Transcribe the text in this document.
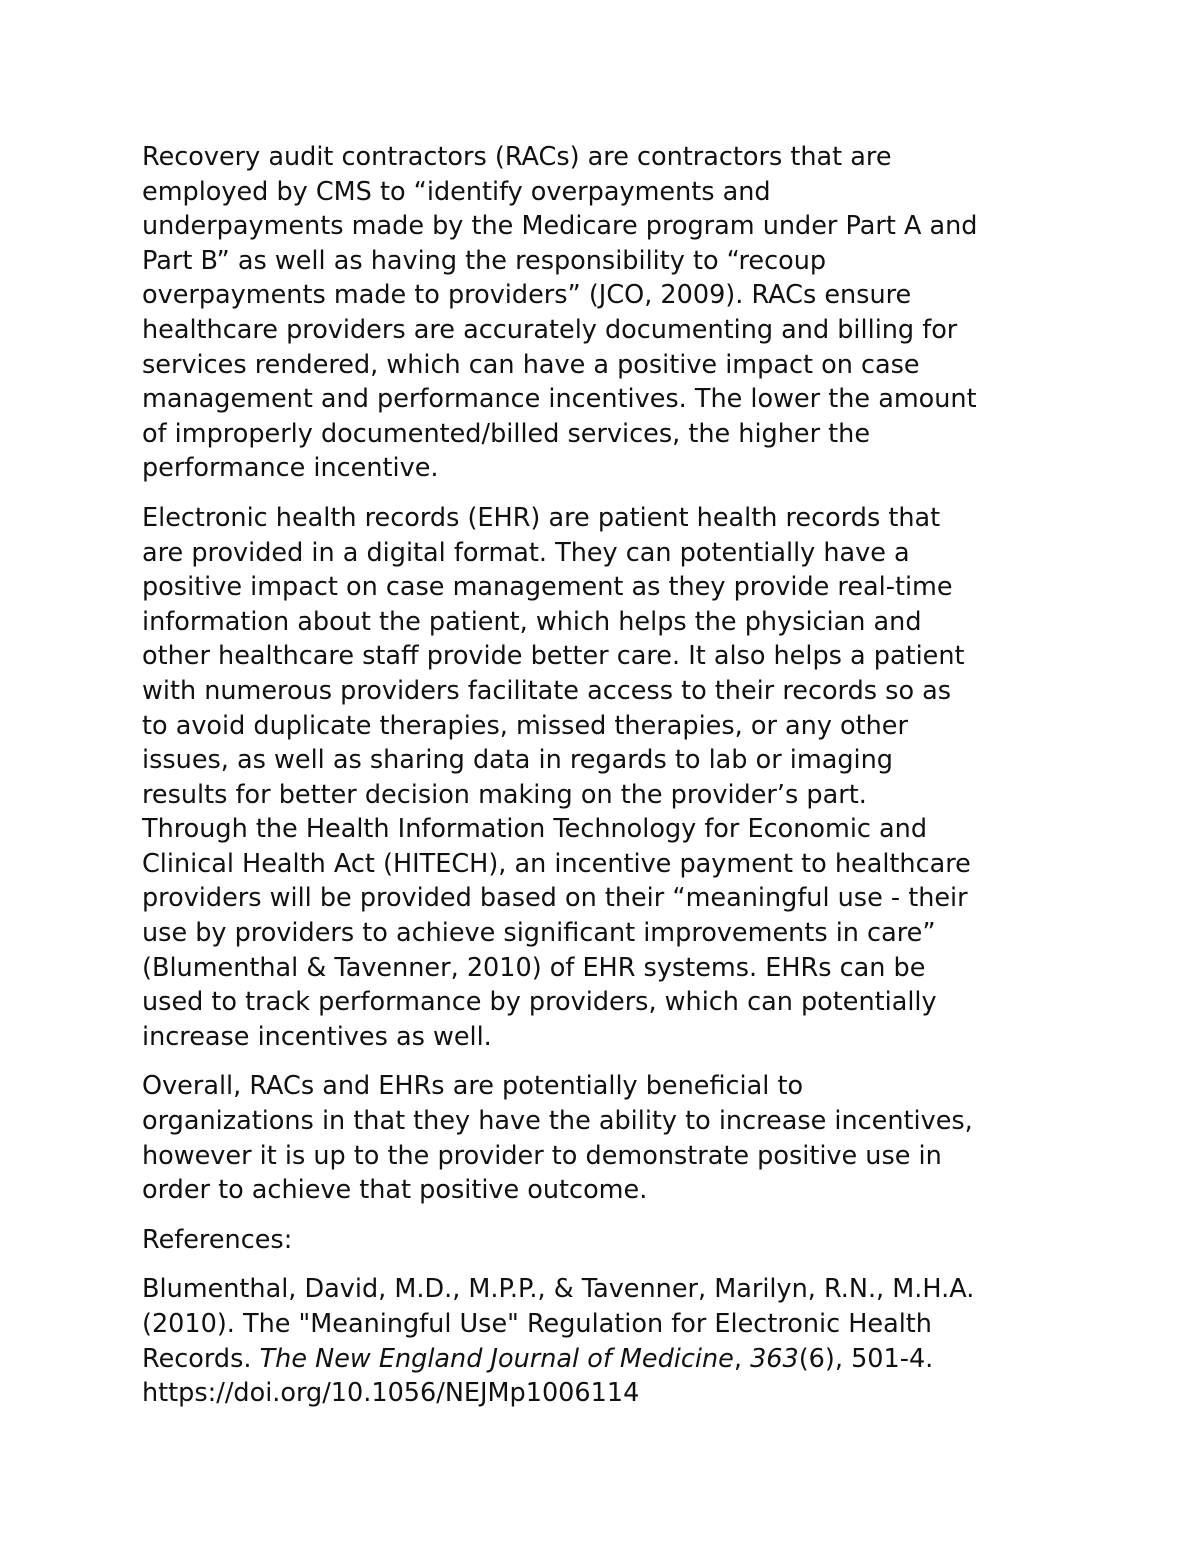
Recovery audit contractors (RACs) are contractors that are
employed by CMS to “identify overpayments and
underpayments made by the Medicare program under Part A and
Part B” as well as having the responsibility to “recoup
overpayments made to providers” (JCO, 2009). RACs ensure
healthcare providers are accurately documenting and billing for
services rendered, which can have a positive impact on case
management and performance incentives. The lower the amount
of improperly documented/billed services, the higher the
performance incentive.

Electronic health records (EHR) are patient health records that
are provided in a digital format. They can potentially have a
positive impact on case management as they provide real-time
information about the patient, which helps the physician and
other healthcare staff provide better care. It also helps a patient
with numerous providers facilitate access to their records so as
to avoid duplicate therapies, missed therapies, or any other
issues, as well as sharing data in regards to lab or imaging
results for better decision making on the provider’s part.
Through the Health Information Technology for Economic and
Clinical Health Act (HITECH), an incentive payment to healthcare
providers will be provided based on their “meaningful use - their
use by providers to achieve significant improvements in care”
(Blumenthal & Tavenner, 2010) of EHR systems. EHRs can be
used to track performance by providers, which can potentially
increase incentives as well.

Overall, RACs and EHRs are potentially beneficial to
organizations in that they have the ability to increase incentives,
however it is up to the provider to demonstrate positive use in
order to achieve that positive outcome.

References:

Blumenthal, David, M.D., M.P.P., & Tavenner, Marilyn, R.N., M.H.A.
(2010). The "Meaningful Use" Regulation for Electronic Health
Records. The New England Journal of Medicine, 363(6), 501-4.
https://doi.org/10.1056/NEJMp1006114
